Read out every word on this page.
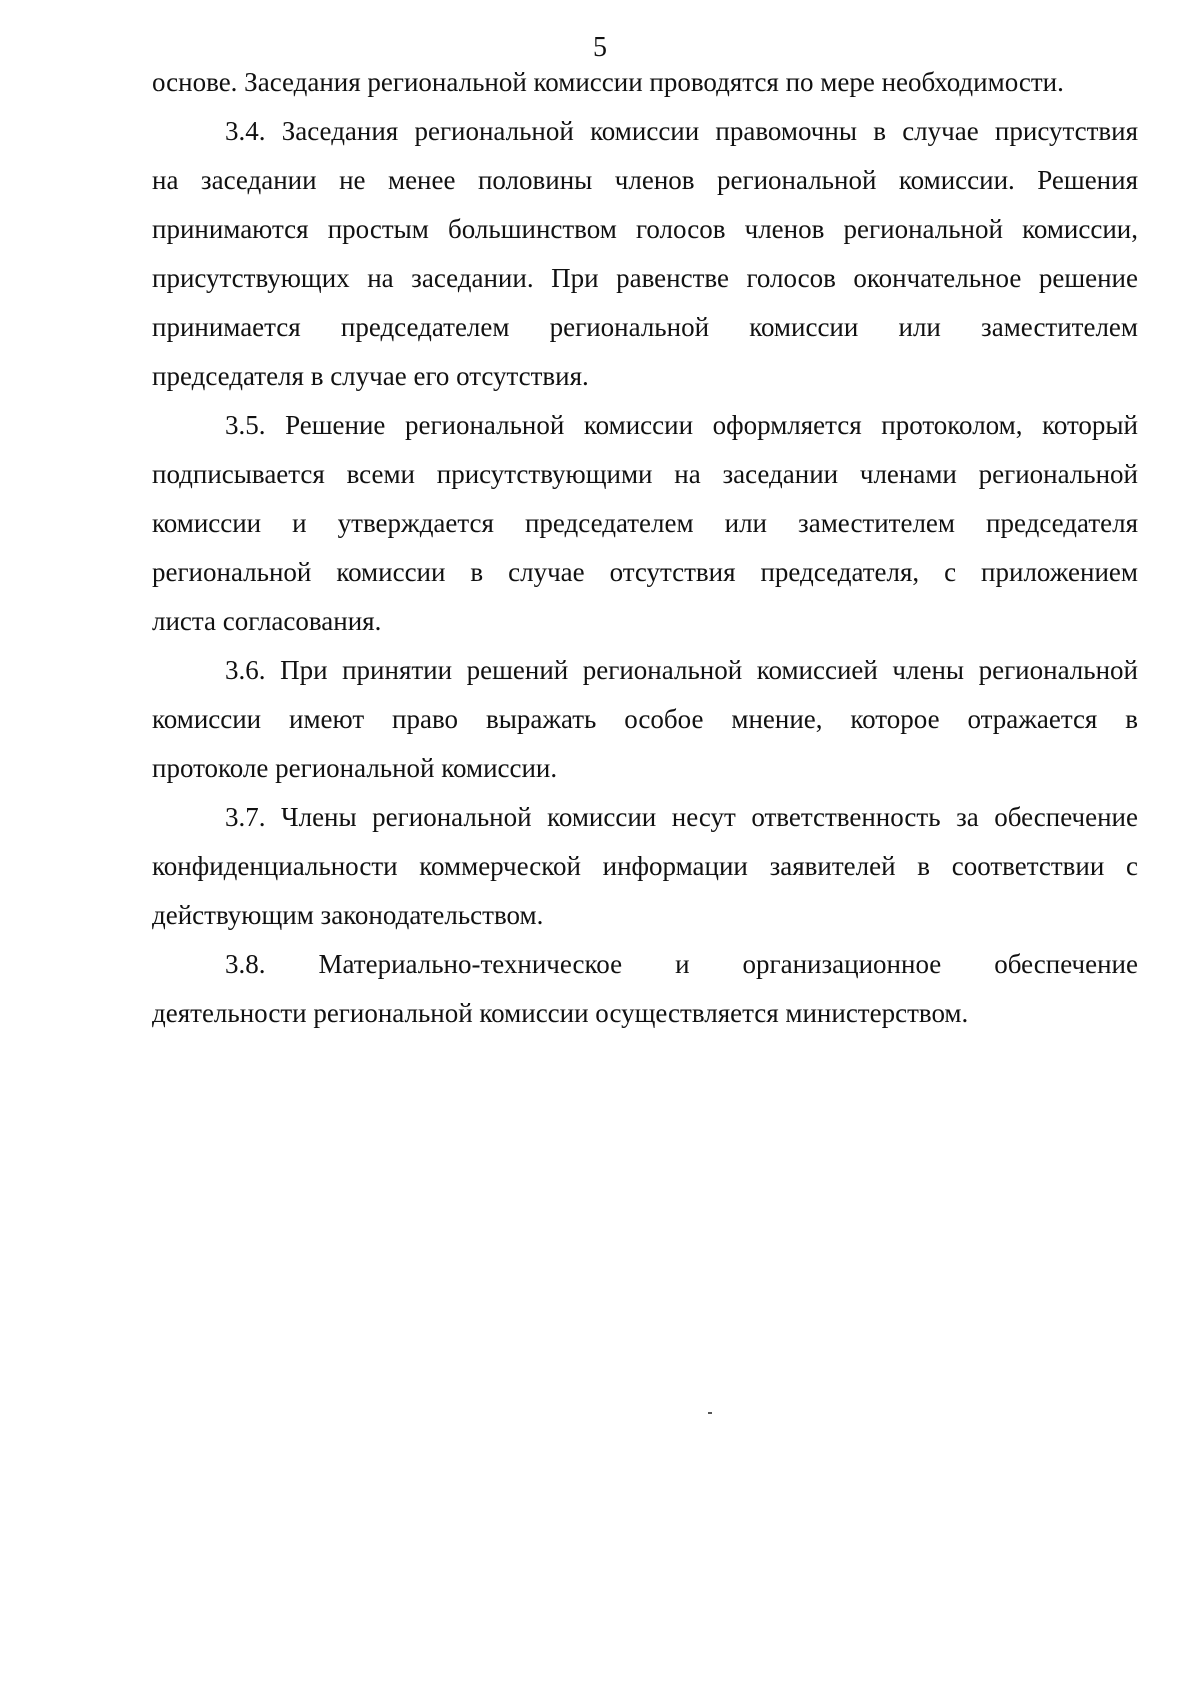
5
основе. Заседания региональной комиссии проводятся по мере необходимости.
3.4. Заседания региональной комиссии правомочны в случае присутствия
на заседании не менее половины членов региональной комиссии. Решения
принимаются простым большинством голосов членов региональной комиссии,
присутствующих на заседании. При равенстве голосов окончательное решение
принимается председателем региональной комиссии или заместителем
председателя в случае его отсутствия.
3.5. Решение региональной комиссии оформляется протоколом, который
подписывается всеми присутствующими на заседании членами региональной
комиссии и утверждается председателем или заместителем председателя
региональной комиссии в случае отсутствия председателя, с приложением
листа согласования.
3.6. При принятии решений региональной комиссией члены региональной
комиссии имеют право выражать особое мнение, которое отражается в
протоколе региональной комиссии.
3.7. Члены региональной комиссии несут ответственность за обеспечение
конфиденциальности коммерческой информации заявителей в соответствии с
действующим законодательством.
3.8. Материально-техническое и организационное обеспечение
деятельности региональной комиссии осуществляется министерством.
